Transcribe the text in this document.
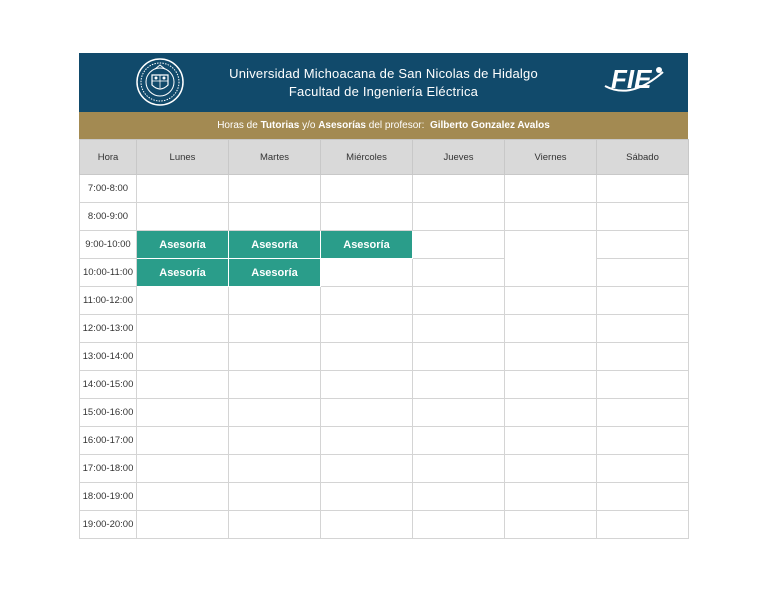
Universidad Michoacana de San Nicolas de Hidalgo
Facultad de Ingeniería Eléctrica	FIE
Horas de Tutorias y/o Asesorías del profesor: Gilberto Gonzalez Avalos
Hora	Lunes	Martes	Miércoles	Jueves	Viernes	Sábado
7:00-8:00						
8:00-9:00						
9:00-10:00	Asesoría	Asesoría	Asesoría			
10:00-11:00	Asesoría	Asesoría				
11:00-12:00						
12:00-13:00						
13:00-14:00						
14:00-15:00						
15:00-16:00						
16:00-17:00						
17:00-18:00						
18:00-19:00						
19:00-20:00						
